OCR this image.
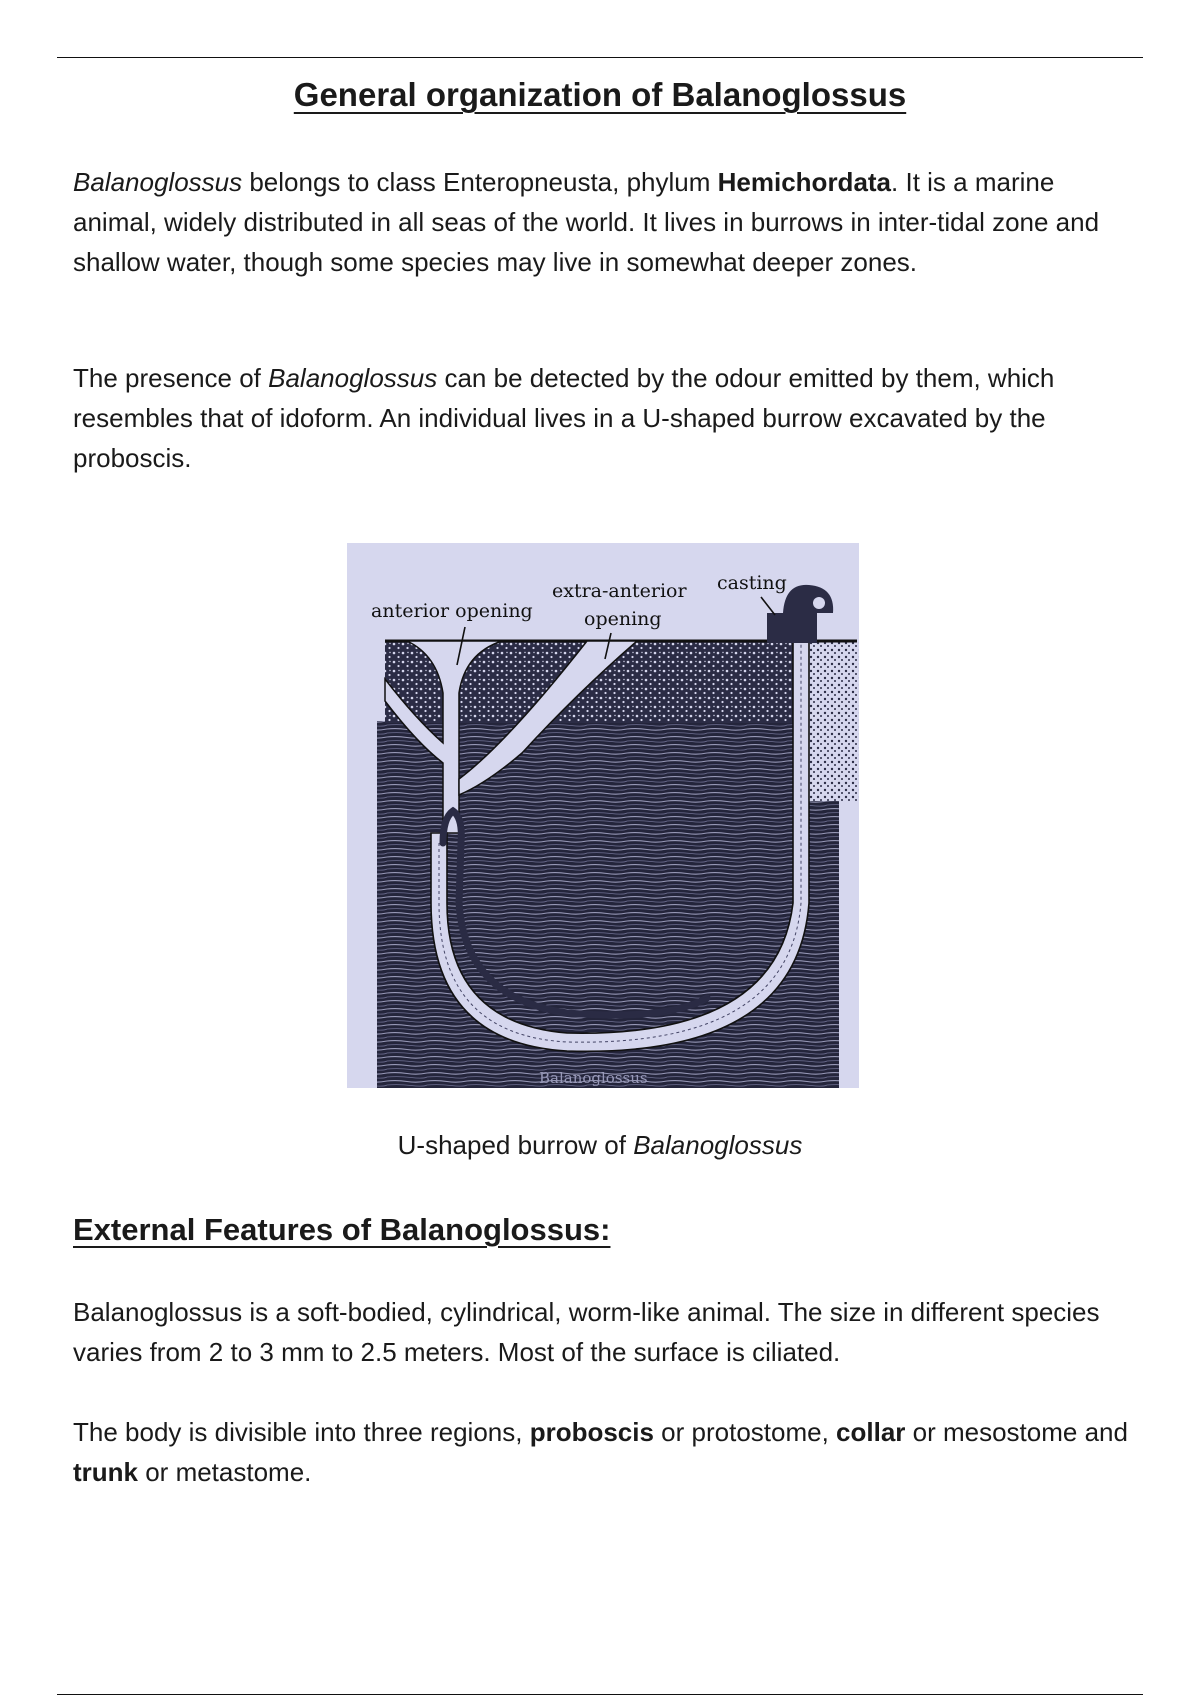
General organization of Balanoglossus

Balanoglossus belongs to class Enteropneusta, phylum Hemichordata. It is a marine animal, widely distributed in all seas of the world. It lives in burrows in inter-tidal zone and shallow water, though some species may live in somewhat deeper zones.

The presence of Balanoglossus can be detected by the odour emitted by them, which resembles that of idoform. An individual lives in a U-shaped burrow excavated by the proboscis.

anterior opening
extra-anterior
opening
casting
Balanoglossus

U-shaped burrow of Balanoglossus

External Features of Balanoglossus:

Balanoglossus is a soft-bodied, cylindrical, worm-like animal. The size in different species varies from 2 to 3 mm to 2.5 meters. Most of the surface is ciliated.

The body is divisible into three regions, proboscis or protostome, collar or mesostome and trunk or metastome.
